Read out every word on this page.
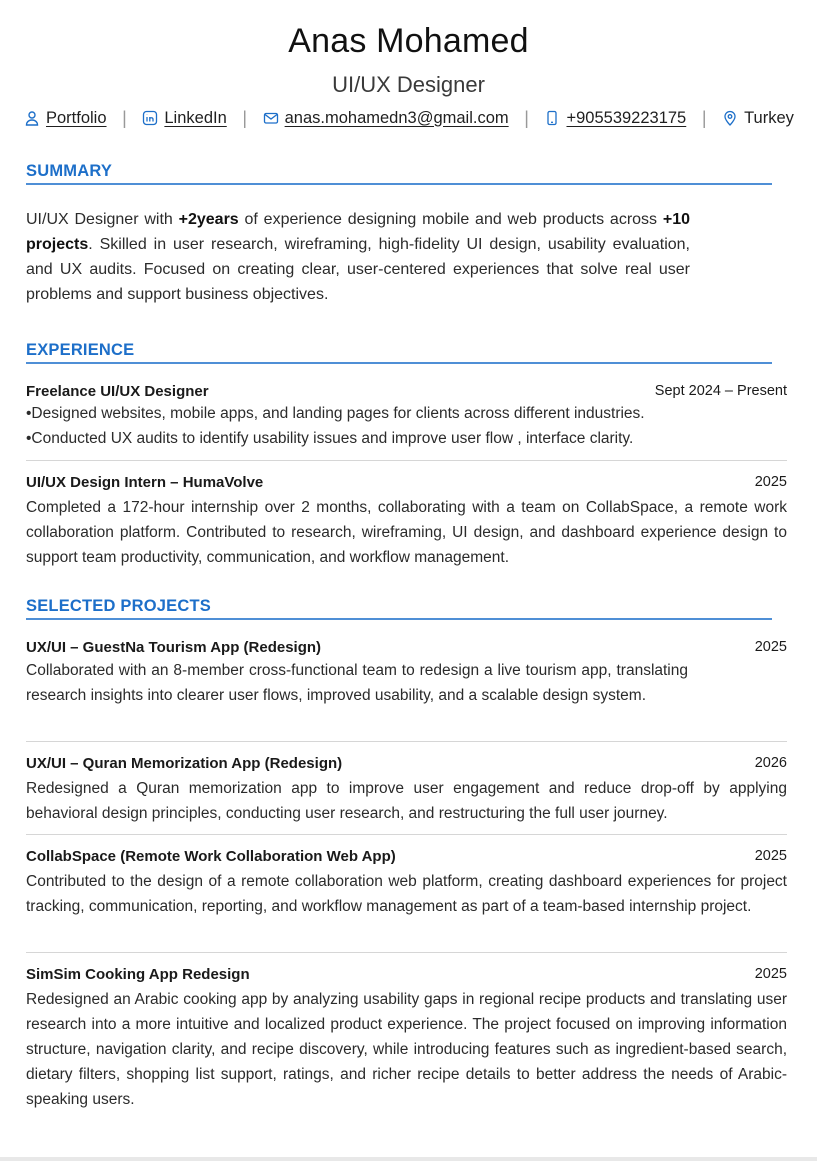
Anas Mohamed
UI/UX Designer
Portfolio | LinkedIn | anas.mohamedn3@gmail.com | +905539223175 | Turkey
SUMMARY

UI/UX Designer with +2years of experience designing mobile and web products across +10 projects. Skilled in user research, wireframing, high-fidelity UI design, usability evaluation, and UX audits. Focused on creating clear, user-centered experiences that solve real user problems and support business objectives.

EXPERIENCE
Freelance UI/UX Designer	Sept 2024 – Present
•Designed websites, mobile apps, and landing pages for clients across different industries.
•Conducted UX audits to identify usability issues and improve user flow , interface clarity.
UI/UX Design Intern – HumaVolve	2025

Completed a 172-hour internship over 2 months, collaborating with a team on CollabSpace, a remote work collaboration platform. Contributed to research, wireframing, UI design, and dashboard experience design to support team productivity, communication, and workflow management.

SELECTED PROJECTS
UX/UI – GuestNa Tourism App (Redesign)	2025

Collaborated with an 8-member cross-functional team to redesign a live tourism app, translating research insights into clearer user flows, improved usability, and a scalable design system.

UX/UI – Quran Memorization App (Redesign)	2026

Redesigned a Quran memorization app to improve user engagement and reduce drop-off by applying behavioral design principles, conducting user research, and restructuring the full user journey.

CollabSpace (Remote Work Collaboration Web App)	2025

Contributed to the design of a remote collaboration web platform, creating dashboard experiences for project tracking, communication, reporting, and workflow management as part of a team-based internship project.

SimSim Cooking App Redesign	2025

Redesigned an Arabic cooking app by analyzing usability gaps in regional recipe products and translating user research into a more intuitive and localized product experience. The project focused on improving information structure, navigation clarity, and recipe discovery, while introducing features such as ingredient-based search, dietary filters, shopping list support, ratings, and richer recipe details to better address the needs of Arabic-speaking users.
